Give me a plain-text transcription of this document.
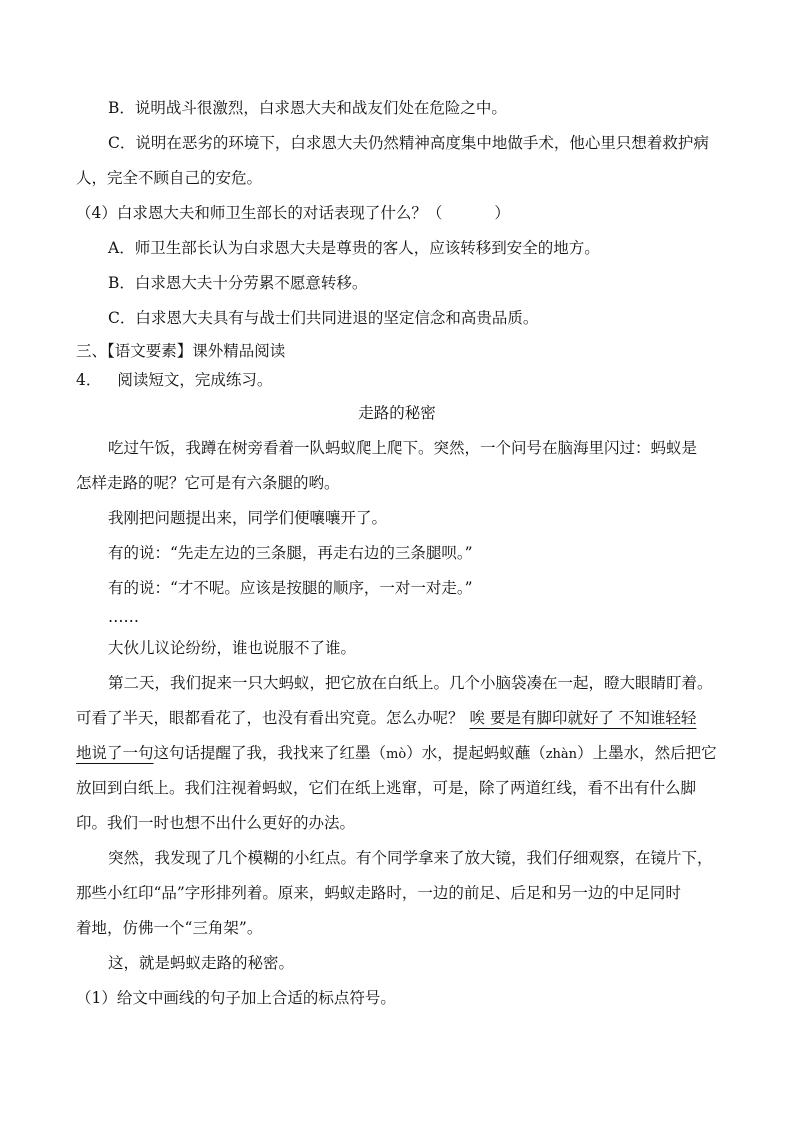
B．说明战斗很激烈，白求恩大夫和战友们处在危险之中。
C．说明在恶劣的环境下，白求恩大夫仍然精神高度集中地做手术，他心里只想着救护病
人，完全不顾自己的安危。
（4）白求恩大夫和师卫生部长的对话表现了什么？（	）
A．师卫生部长认为白求恩大夫是尊贵的客人，应该转移到安全的地方。
B．白求恩大夫十分劳累不愿意转移。
C．白求恩大夫具有与战士们共同进退的坚定信念和高贵品质。
三、【语文要素】课外精品阅读
4． 阅读短文，完成练习。
走路的秘密
吃过午饭，我蹲在树旁看着一队蚂蚁爬上爬下。突然，一个问号在脑海里闪过：蚂蚁是
怎样走路的呢？它可是有六条腿的哟。
我刚把问题提出来，同学们便嚷嚷开了。
有的说：“先走左边的三条腿，再走右边的三条腿呗。”
有的说：“才不呢。应该是按腿的顺序，一对一对走。”
……
大伙儿议论纷纷，谁也说服不了谁。
第二天，我们捉来一只大蚂蚁，把它放在白纸上。几个小脑袋凑在一起，瞪大眼睛盯着。
可看了半天，眼都看花了，也没有看出究竟。怎么办呢？ 唉 要是有脚印就好了 不知谁轻轻
地说了一句这句话提醒了我，我找来了红墨（mò）水，提起蚂蚁蘸（zhàn）上墨水，然后把它
放回到白纸上。我们注视着蚂蚁，它们在纸上逃窜，可是，除了两道红线，看不出有什么脚
印。我们一时也想不出什么更好的办法。
突然，我发现了几个模糊的小红点。有个同学拿来了放大镜，我们仔细观察，在镜片下，
那些小红印“品”字形排列着。原来，蚂蚁走路时，一边的前足、后足和另一边的中足同时
着地，仿佛一个“三角架”。
这，就是蚂蚁走路的秘密。
（1）给文中画线的句子加上合适的标点符号。
